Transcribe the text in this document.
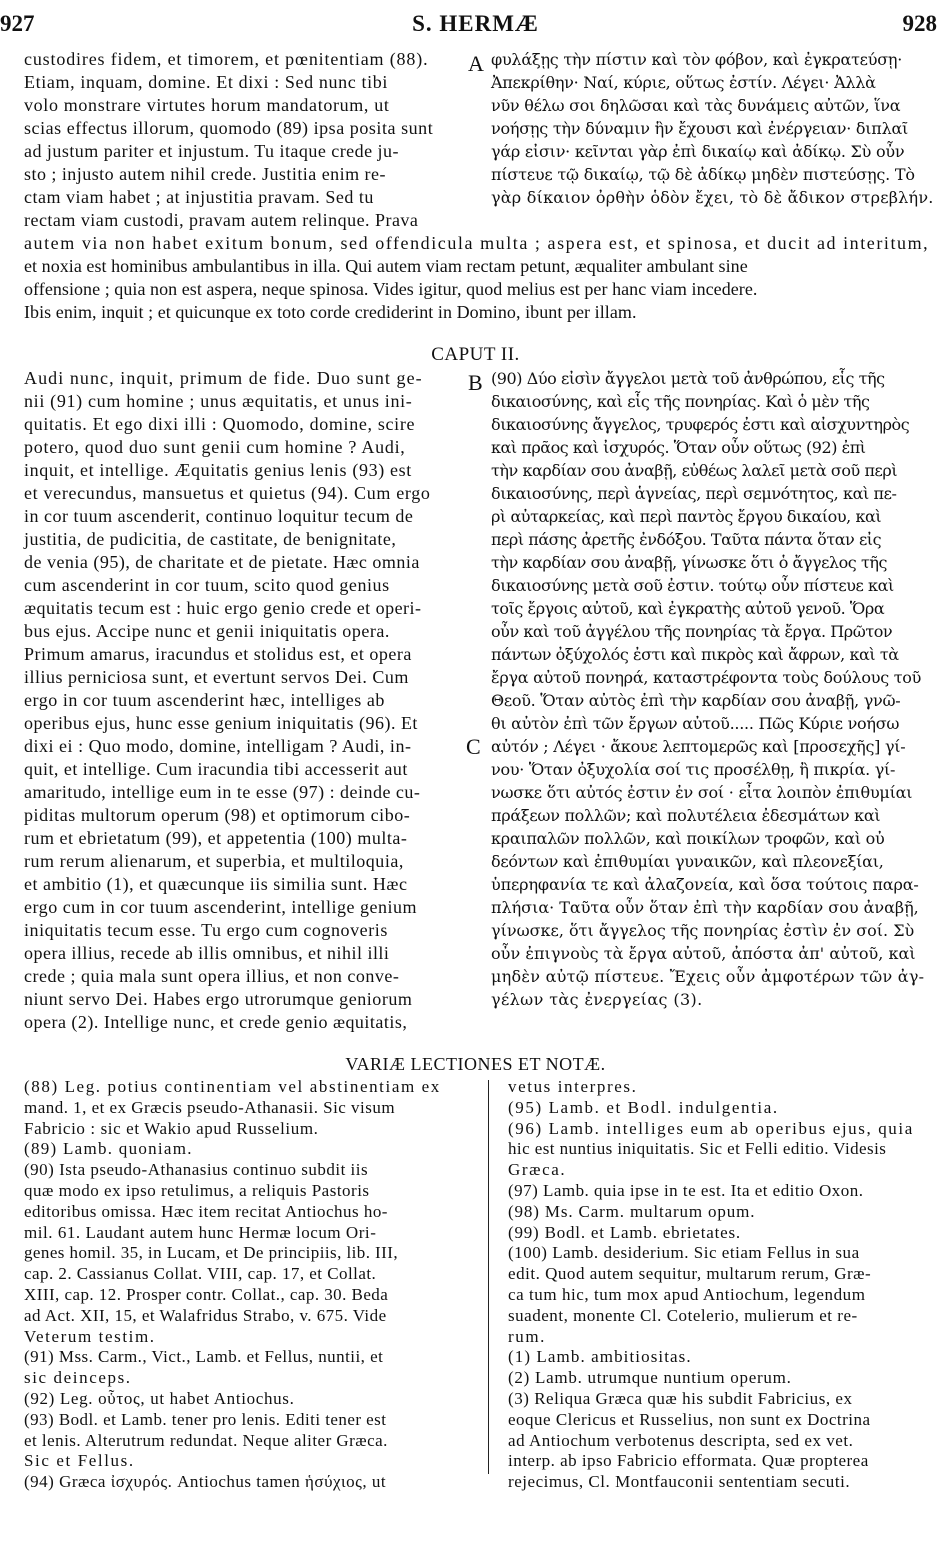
927	S. HERMÆ	928
A
B
C

custodires fidem, et timorem, et pœnitentiam (88).

Etiam, inquam, domine. Et dixi : Sed nunc tibi

volo monstrare virtutes horum mandatorum, ut

scias effectus illorum, quomodo (89) ipsa posita sunt

ad justum pariter et injustum. Tu itaque crede ju-

sto ; injusto autem nihil crede. Justitia enim re-

ctam viam habet ; at injustitia pravam. Sed tu

rectam viam custodi, pravam autem relinque. Prava

φυλάξῃς τὴν πίστιν καὶ τὸν φόβον, καὶ ἐγκρατεύσῃ·

Ἀπεκρίθην· Ναί, κύριε, οὕτως ἐστίν. Λέγει· Ἀλλὰ

νῦν θέλω σοι δηλῶσαι καὶ τὰς δυνάμεις αὐτῶν, ἵνα

νοήσῃς τὴν δύναμιν ἣν ἔχουσι καὶ ἐνέργειαν· διπλαῖ

γάρ εἰσιν· κεῖνται γὰρ ἐπὶ δικαίῳ καὶ ἀδίκῳ. Σὺ οὖν

πίστευε τῷ δικαίῳ, τῷ δὲ ἀδίκῳ μηδὲν πιστεύσῃς. Τὸ

γὰρ δίκαιον ὀρθὴν ὁδὸν ἔχει, τὸ δὲ ἄδικον στρεβλήν.

autem via non habet exitum bonum, sed offendicula multa ; aspera est, et spinosa, et ducit ad interitum,

et noxia est hominibus ambulantibus in illa. Qui autem viam rectam petunt, æqualiter ambulant sine

offensione ; quia non est aspera, neque spinosa. Vides igitur, quod melius est per hanc viam incedere.

Ibis enim, inquit ; et quicunque ex toto corde crediderint in Domino, ibunt per illam.

CAPUT II.

Audi nunc, inquit, primum de fide. Duo sunt ge-

nii (91) cum homine ; unus æquitatis, et unus ini-

quitatis. Et ego dixi illi : Quomodo, domine, scire

potero, quod duo sunt genii cum homine ? Audi,

inquit, et intellige. Æquitatis genius lenis (93) est

et verecundus, mansuetus et quietus (94). Cum ergo

in cor tuum ascenderit, continuo loquitur tecum de

justitia, de pudicitia, de castitate, de benignitate,

de venia (95), de charitate et de pietate. Hæc omnia

cum ascenderint in cor tuum, scito quod genius

æquitatis tecum est : huic ergo genio crede et operi-

bus ejus. Accipe nunc et genii iniquitatis opera.

Primum amarus, iracundus et stolidus est, et opera

illius perniciosa sunt, et evertunt servos Dei. Cum

ergo in cor tuum ascenderint hæc, intelliges ab

operibus ejus, hunc esse genium iniquitatis (96). Et

dixi ei : Quo modo, domine, intelligam ? Audi, in-

quit, et intellige. Cum iracundia tibi accesserit aut

amaritudo, intellige eum in te esse (97) : deinde cu-

piditas multorum operum (98) et optimorum cibo-

rum et ebrietatum (99), et appetentia (100) multa-

rum rerum alienarum, et superbia, et multiloquia,

et ambitio (1), et quæcunque iis similia sunt. Hæc

ergo cum in cor tuum ascenderint, intellige genium

iniquitatis tecum esse. Tu ergo cum cognoveris

opera illius, recede ab illis omnibus, et nihil illi

crede ; quia mala sunt opera illius, et non conve-

niunt servo Dei. Habes ergo utrorumque geniorum

opera (2). Intellige nunc, et crede genio æquitatis,

(90) Δύο εἰσὶν ἄγγελοι μετὰ τοῦ ἀνθρώπου, εἷς τῆς

δικαιοσύνης, καὶ εἷς τῆς πονηρίας. Καὶ ὁ μὲν τῆς

δικαιοσύνης ἄγγελος, τρυφερός ἐστι καὶ αἰσχυντηρὸς

καὶ πρᾶος καὶ ἰσχυρός. Ὅταν οὖν οὕτως (92) ἐπὶ

τὴν καρδίαν σου ἀναβῇ, εὐθέως λαλεῖ μετὰ σοῦ περὶ

δικαιοσύνης, περὶ ἁγνείας, περὶ σεμνότητος, καὶ πε-

ρὶ αὐταρκείας, καὶ περὶ παντὸς ἔργου δικαίου, καὶ

περὶ πάσης ἀρετῆς ἐνδόξου. Ταῦτα πάντα ὅταν εἰς

τὴν καρδίαν σου ἀναβῇ, γίνωσκε ὅτι ὁ ἄγγελος τῆς

δικαιοσύνης μετὰ σοῦ ἐστιν. τούτῳ οὖν πίστευε καὶ

τοῖς ἔργοις αὐτοῦ, καὶ ἐγκρατὴς αὐτοῦ γενοῦ. Ὅρα

οὖν καὶ τοῦ ἀγγέλου τῆς πονηρίας τὰ ἔργα. Πρῶτον

πάντων ὀξύχολός ἐστι καὶ πικρὸς καὶ ἄφρων, καὶ τὰ

ἔργα αὐτοῦ πονηρά, καταστρέφοντα τοὺς δούλους τοῦ

Θεοῦ. Ὅταν αὐτὸς ἐπὶ τὴν καρδίαν σου ἀναβῇ, γνῶ-

θι αὐτὸν ἐπὶ τῶν ἔργων αὐτοῦ..... Πῶς Κύριε νοήσω

αὐτόν ; Λέγει · ἄκουε λεπτομερῶς καὶ [προσεχῆς] γί-

νου· Ὅταν ὀξυχολία σοί τις προσέλθῃ, ἢ πικρία. γί-

νωσκε ὅτι αὐτός ἐστιν ἐν σοί · εἶτα λοιπὸν ἐπιθυμίαι

πράξεων πολλῶν; καὶ πολυτέλεια ἐδεσμάτων καὶ

κραιπαλῶν πολλῶν, καὶ ποικίλων τροφῶν, καὶ οὐ

δεόντων καὶ ἐπιθυμίαι γυναικῶν, καὶ πλεονεξίαι,

ὑπερηφανία τε καὶ ἀλαζονεία, καὶ ὅσα τούτοις παρα-

πλήσια· Ταῦτα οὖν ὅταν ἐπὶ τὴν καρδίαν σου ἀναβῇ,

γίνωσκε, ὅτι ἄγγελος τῆς πονηρίας ἐστὶν ἐν σοί. Σὺ

οὖν ἐπιγνοὺς τὰ ἔργα αὐτοῦ, ἀπόστα ἀπ' αὐτοῦ, καὶ

μηδὲν αὐτῷ πίστευε. Ἔχεις οὖν ἀμφοτέρων τῶν ἀγ-

γέλων τὰς ἐνεργείας (3).

VARIÆ LECTIONES ET NOTÆ.

(88) Leg. potius continentiam vel abstinentiam ex

mand. 1, et ex Græcis pseudo-Athanasii. Sic visum

Fabricio : sic et Wakio apud Russelium.

(89) Lamb. quoniam.

(90) Ista pseudo-Athanasius continuo subdit iis

quæ modo ex ipso retulimus, a reliquis Pastoris

editoribus omissa. Hæc item recitat Antiochus ho-

mil. 61. Laudant autem hunc Hermæ locum Ori-

genes homil. 35, in Lucam, et De principiis, lib. III,

cap. 2. Cassianus Collat. VIII, cap. 17, et Collat.

XIII, cap. 12. Prosper contr. Collat., cap. 30. Beda

ad Act. XII, 15, et Walafridus Strabo, v. 675. Vide

Veterum testim.

(91) Mss. Carm., Vict., Lamb. et Fellus, nuntii, et

sic deinceps.

(92) Leg. οὗτος, ut habet Antiochus.

(93) Bodl. et Lamb. tener pro lenis. Editi tener est

et lenis. Alterutrum redundat. Neque aliter Græca.

Sic et Fellus.

(94) Græca ἰσχυρός. Antiochus tamen ἡσύχιος, ut

vetus interpres.

(95) Lamb. et Bodl. indulgentia.

(96) Lamb. intelliges eum ab operibus ejus, quia

hic est nuntius iniquitatis. Sic et Felli editio. Videsis

Græca.

(97) Lamb. quia ipse in te est. Ita et editio Oxon.

(98) Ms. Carm. multarum opum.

(99) Bodl. et Lamb. ebrietates.

(100) Lamb. desiderium. Sic etiam Fellus in sua

edit. Quod autem sequitur, multarum rerum, Græ-

ca tum hic, tum mox apud Antiochum, legendum

suadent, monente Cl. Cotelerio, mulierum et re-

rum.

(1) Lamb. ambitiositas.

(2) Lamb. utrumque nuntium operum.

(3) Reliqua Græca quæ his subdit Fabricius, ex

eoque Clericus et Russelius, non sunt ex Doctrina

ad Antiochum verbotenus descripta, sed ex vet.

interp. ab ipso Fabricio efformata. Quæ propterea

rejecimus, Cl. Montfauconii sententiam secuti.
